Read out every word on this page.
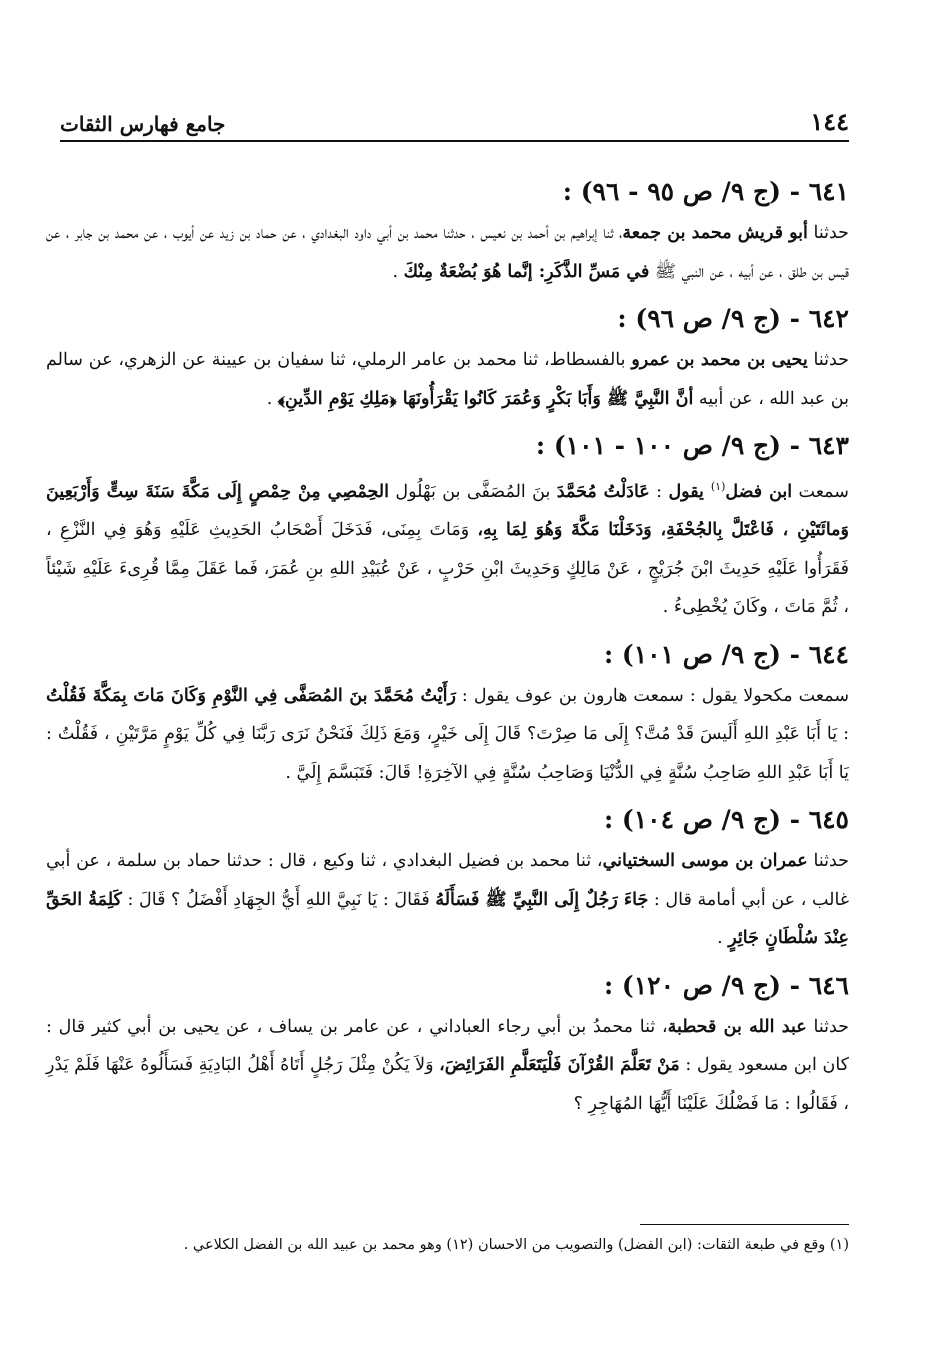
١٤٤
جامع فهارس الثقات
٦٤١ - (ج ٩/ ص ٩٥ - ٩٦) :

حدثنا أبو قريش محمد بن جمعة، ثنا إبراهيم بن أحمد بن نعيس ، حدثنا محمد بن أبي داود البغدادي ، عن حماد بن زيد عن أيوب ، عن محمد بن جابر ، عن قيس بن طلق ، عن أبيه ، عن النبي ﷺ في مَسِّ الذَّكَرِ: إنَّما هُوَ بُضْعَةٌ مِنْكَ .

٦٤٢ - (ج ٩/ ص ٩٦) :

حدثنا يحيى بن محمد بن عمرو بالفسطاط، ثنا محمد بن عامر الرملي، ثنا سفيان بن عيينة عن الزهري، عن سالم بن عبد الله ، عن أبيه أنَّ النَّبِيَّ ﷺ وَأَبَا بَكْرٍ وَعُمَرَ كَانُوا يَقْرَأُونَهَا ﴿مَلِكِ يَوْمِ الدِّينِ﴾ .

٦٤٣ - (ج ٩/ ص ١٠٠ - ١٠١) :

سمعت ابن فضل$^{(١)}$ يقول : عَادَلْتُ مُحَمَّدَ بنَ المُصَفَّى بن بَهْلُول الحِمْصِي مِنْ حِمْصٍ إِلَى مَكَّةَ سَنَةَ سِتٍّ وَأَرْبَعِينَ وَمائَتَيْنِ ، فَاعْتَلَّ بِالجُحْفَةِ، وَدَخَلْنَا مَكَّةَ وَهُوَ لِمَا بِهِ، وَمَاتَ بِمِنَى، فَدَخَلَ أَصْحَابُ الحَدِيثِ عَلَيْهِ وَهُوَ فِي النَّزْعِ ، فَقَرَأُوا عَلَيْهِ حَدِيثَ ابْنَ جُرَيْجٍ ، عَنْ مَالِكٍ وَحَدِيثَ ابْنِ حَرْبٍ ، عَنْ عُبَيْدِ اللهِ بنِ عُمَرَ، فَما عَقَلَ مِمَّا قُرِىءَ عَلَيْهِ شَيْئاً ، ثُمَّ مَاتَ ، وكَانَ يُخْطِىءُ .

٦٤٤ - (ج ٩/ ص ١٠١) :

سمعت مكحولا يقول : سمعت هارون بن عوف يقول : رَأَيْتُ مُحَمَّدَ بنَ المُصَفَّى فِي النَّوْمِ وَكَانَ مَاتَ بِمَكَّةَ فَقُلْتُ : يَا أَبَا عَبْدِ اللهِ أَلَيسَ قَدْ مُتَّ؟ إِلَى مَا صِرْتَ؟ قَالَ إِلَى خَيْرٍ، وَمَعَ ذَلِكَ فَنَحْنُ نَرَى رَبَّنَا فِي كُلِّ يَوْمٍ مَرَّتَيْنِ ، فَقُلْتُ : يَا أَبَا عَبْدِ اللهِ صَاحِبُ سُنَّةٍ فِي الدُّنْيَا وَصَاحِبُ سُنَّةٍ فِي الآخِرَةِ! قَالَ: فَتَبَسَّمَ إِلَيَّ .

٦٤٥ - (ج ٩/ ص ١٠٤) :

حدثنا عمران بن موسى السختياني، ثنا محمد بن فضيل البغدادي ، ثنا وكيع ، قال : حدثنا حماد بن سلمة ، عن أبي غالب ، عن أبي أمامة قال : جَاءَ رَجُلٌ إِلَى النَّبِيِّ ﷺ فَسَأَلَهُ فَقَالَ : يَا نَبِيَّ اللهِ أَيُّ الجِهَادِ أَفْضَلُ ؟ قَالَ : كَلِمَةُ الحَقِّ عِنْدَ سُلْطَانٍ جَائِرٍ .

٦٤٦ - (ج ٩/ ص ١٢٠) :

حدثنا عبد الله بن قحطبة، ثنا محمدُ بن أبي رجاء العباداني ، عن عامر بن يساف ، عن يحيى بن أبي كثير قال : كان ابن مسعود يقول : مَنْ تَعَلَّمَ القُرْآنَ فَلْيَتَعَلَّمِ الفَرَائِضَ، وَلاَ يَكُنْ مِثْلَ رَجُلٍ أَتَاهُ أَهْلُ البَادِيَةِ فَسَأَلُوهُ عَنْهَا فَلَمْ يَدْرِ ، فَقَالُوا : مَا فَضْلُكَ عَلَيْنَا أَيُّهَا المُهَاجِرِ ؟

(١) وقع في طبعة الثقات: (ابن الفضل) والتصويب من الاحسان (١٢) وهو محمد بن عبيد الله بن الفضل الكلاعي .
